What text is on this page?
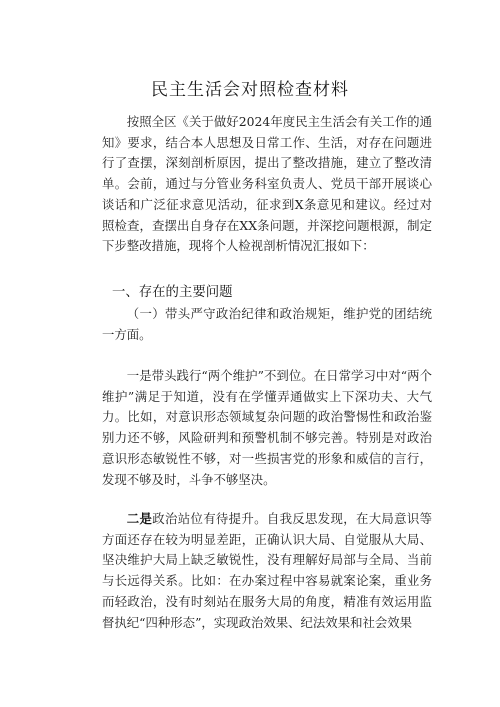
民主生活会对照检查材料

按照全区《关于做好2024年度民主生活会有关工作的通知》要求，结合本人思想及日常工作、生活，对存在问题进行了查摆，深刻剖析原因，提出了整改措施，建立了整改清单。会前，通过与分管业务科室负责人、党员干部开展谈心谈话和广泛征求意见活动，征求到X条意见和建议。经过对照检查，查摆出自身存在XX条问题，并深挖问题根源，制定下步整改措施，现将个人检视剖析情况汇报如下：

一、存在的主要问题

（一）带头严守政治纪律和政治规矩，维护党的团结统一方面。

一是带头践行“两个维护”不到位。在日常学习中对“两个维护”满足于知道，没有在学懂弄通做实上下深功夫、大气力。比如，对意识形态领域复杂问题的政治警惕性和政治鉴别力还不够，风险研判和预警机制不够完善。特别是对政治意识形态敏锐性不够，对一些损害党的形象和威信的言行，发现不够及时，斗争不够坚决。

二是政治站位有待提升。自我反思发现，在大局意识等方面还存在较为明显差距，正确认识大局、自觉服从大局、坚决维护大局上缺乏敏锐性，没有理解好局部与全局、当前与长远得关系。比如：在办案过程中容易就案论案，重业务而轻政治，没有时刻站在服务大局的角度，精准有效运用监督执纪“四种形态”，实现政治效果、纪法效果和社会效果
